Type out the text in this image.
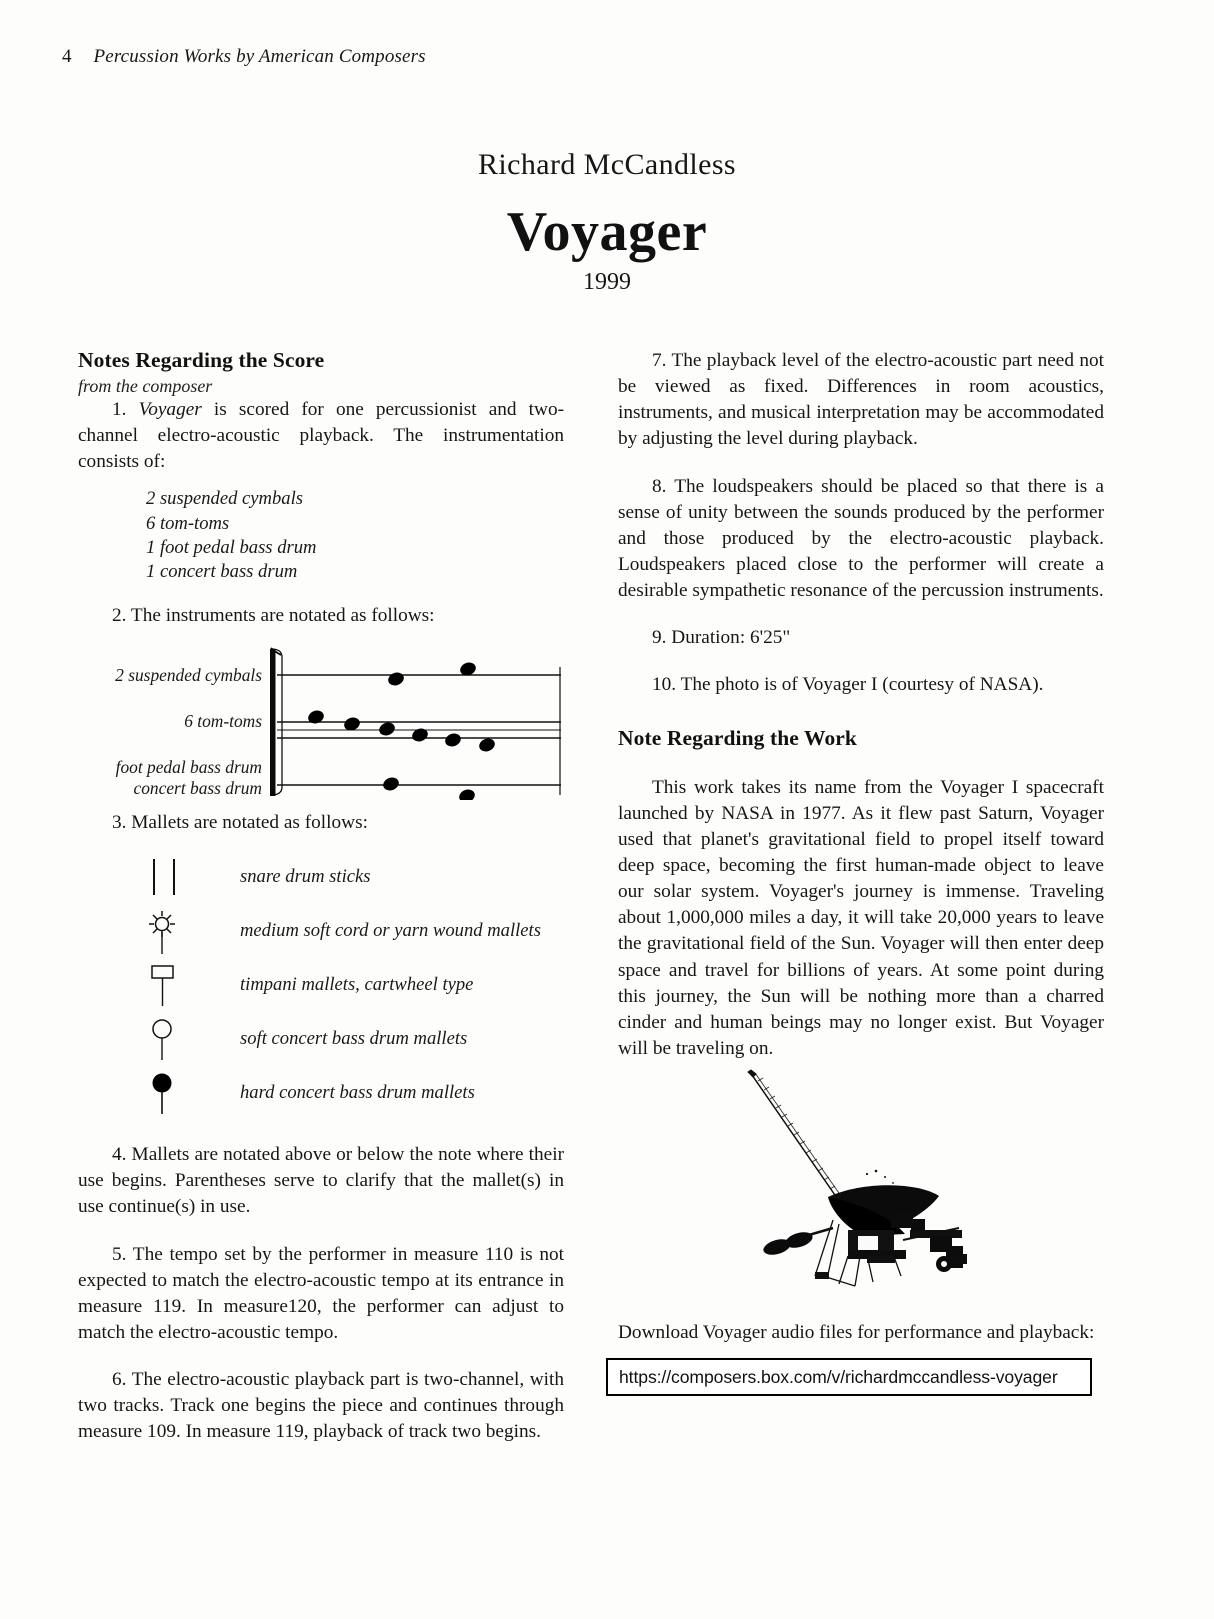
4 Percussion Works by American Composers
Richard McCandless
Voyager
1999
Notes Regarding the Score
from the composer

1. Voyager is scored for one percussionist and two-channel electro-acoustic playback. The instrumentation consists of:

2 suspended cymbals
6 tom-toms
1 foot pedal bass drum
1 concert bass drum

2. The instruments are notated as follows:

2 suspended cymbals
6 tom-toms
foot pedal bass drum
concert bass drum

3. Mallets are notated as follows:

snare drum sticks
medium soft cord or yarn wound mallets
timpani mallets, cartwheel type
soft concert bass drum mallets
hard concert bass drum mallets

4. Mallets are notated above or below the note where their use begins. Parentheses serve to clarify that the mallet(s) in use continue(s) in use.

5. The tempo set by the performer in measure 110 is not expected to match the electro-acoustic tempo at its entrance in measure 119. In measure120, the performer can adjust to match the electro-acoustic tempo.

6. The electro-acoustic playback part is two-channel, with two tracks. Track one begins the piece and continues through measure 109. In measure 119, playback of track two begins.

7. The playback level of the electro-acoustic part need not be viewed as fixed. Differences in room acoustics, instruments, and musical interpretation may be accommodated by adjusting the level during playback.

8. The loudspeakers should be placed so that there is a sense of unity between the sounds produced by the performer and those produced by the electro-acoustic playback. Loudspeakers placed close to the performer will create a desirable sympathetic resonance of the percussion instruments.

9. Duration: 6'25"

10. The photo is of Voyager I (courtesy of NASA).

Note Regarding the Work

This work takes its name from the Voyager I spacecraft launched by NASA in 1977. As it flew past Saturn, Voyager used that planet's gravitational field to propel itself toward deep space, becoming the first human-made object to leave our solar system. Voyager's journey is immense. Traveling about 1,000,000 miles a day, it will take 20,000 years to leave the gravitational field of the Sun. Voyager will then enter deep space and travel for billions of years. At some point during this journey, the Sun will be nothing more than a charred cinder and human beings may no longer exist. But Voyager will be traveling on.

Download Voyager audio files for performance and playback:
https://composers.box.com/v/richardmccandless-voyager
